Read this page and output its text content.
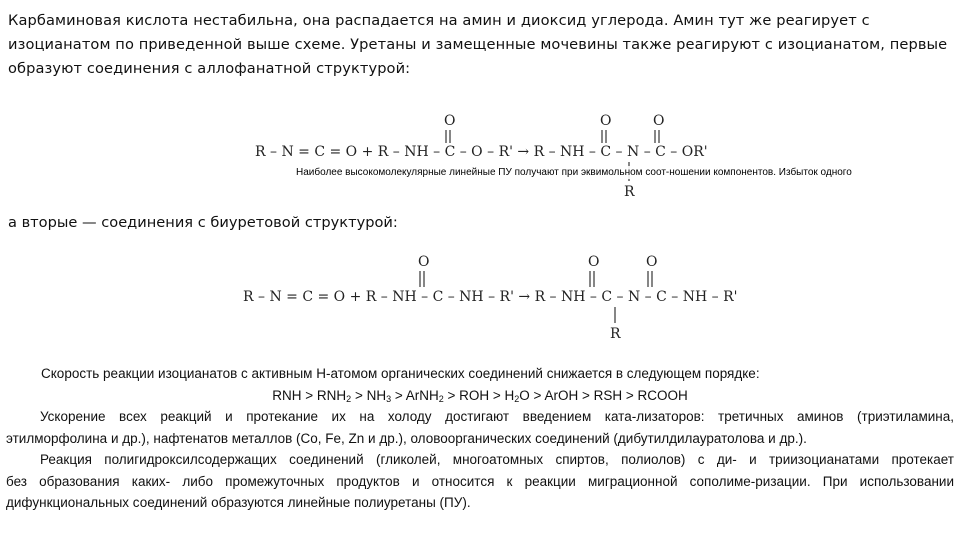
Карбаминовая кислота нестабильна, она распадается на амин и диоксид углерода. Амин тут же реагирует с изоцианатом по приведенной выше схеме. Уретаны и замещенные мочевины также реагируют с изоцианатом, первые образуют соединения с аллофанатной структурой:
R – N = C = O + R – NH – C – O – R' → R – NH – C – N – C – OR'
O	O	O
R
Наиболее высокомолекулярные линейные ПУ получают при эквимольном соот-ношении компонентов. Избыток одного
а вторые — соединения с биуретовой структурой:
R – N = C = O + R – NH – C – NH – R' → R – NH – C – N – C – NH – R'
O	O	O
R
Скорость реакции изоцианатов с активным Н-атомом органических соединений снижается в следующем порядке:
RNH > $RNH_2 > NH_3$ > ArNH$_2$ > ROH > $H_2O$ > ArOH > RSH > RCOOH
Ускорение всех реакций и протекание их на холоду достигают введением ката-лизаторов: третичных аминов (триэтиламина,
этилморфолина и др.), нафтенатов металлов (Co, Fe, Zn и др.), оловоорганических соединений (дибутилдилауратолова и др.).
Реакция полигидроксилсодержащих соединений (гликолей, многоатомных спиртов, полиолов) с ди- и триизоцианатами протекает
без образования каких- либо промежуточных продуктов и относится к реакции миграционной сополиме-ризации. При использовании
дифункциональных соединений образуются линейные полиуретаны (ПУ).
